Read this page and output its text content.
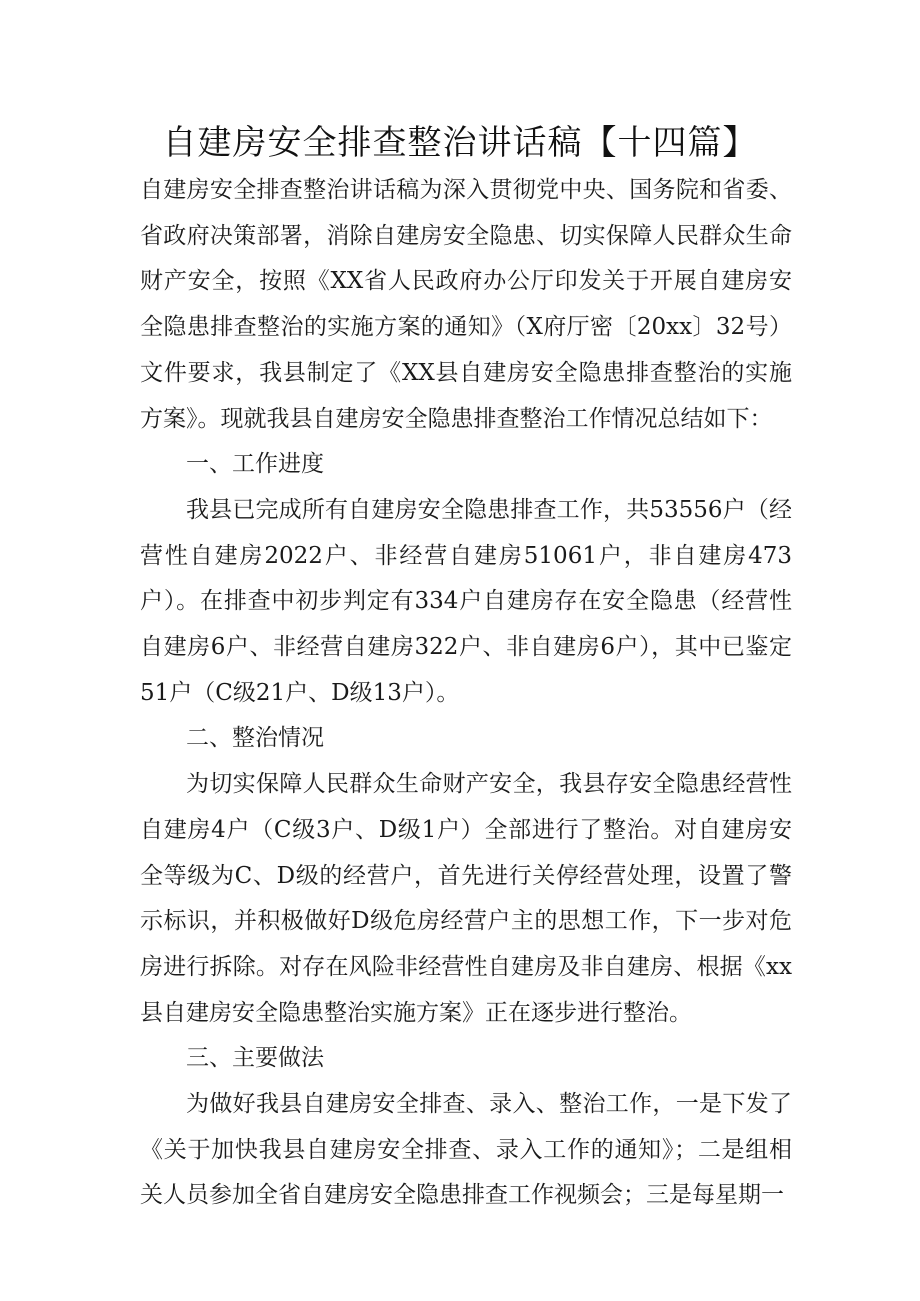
自建房安全排查整治讲话稿【十四篇】

自建房安全排查整治讲话稿为深入贯彻党中央、国务院和省委、省政府决策部署，消除自建房安全隐患、切实保障人民群众生命财产安全，按照《XX省人民政府办公厅印发关于开展自建房安全隐患排查整治的实施方案的通知》（X府厅密〔20xx〕32号）文件要求，我县制定了《XX县自建房安全隐患排查整治的实施方案》。现就我县自建房安全隐患排查整治工作情况总结如下：

一、工作进度

我县已完成所有自建房安全隐患排查工作，共53556户（经营性自建房2022户、非经营自建房51061户，非自建房473户）。在排查中初步判定有334户自建房存在安全隐患（经营性自建房6户、非经营自建房322户、非自建房6户），其中已鉴定51户（C级21户、D级13户）。

二、整治情况

为切实保障人民群众生命财产安全，我县存安全隐患经营性自建房4户（C级3户、D级1户）全部进行了整治。对自建房安全等级为C、D级的经营户，首先进行关停经营处理，设置了警示标识，并积极做好D级危房经营户主的思想工作，下一步对危房进行拆除。对存在风险非经营性自建房及非自建房、根据《xx县自建房安全隐患整治实施方案》正在逐步进行整治。

三、主要做法

为做好我县自建房安全排查、录入、整治工作，一是下发了《关于加快我县自建房安全排查、录入工作的通知》；二是组相关人员参加全省自建房安全隐患排查工作视频会；三是每星期一
